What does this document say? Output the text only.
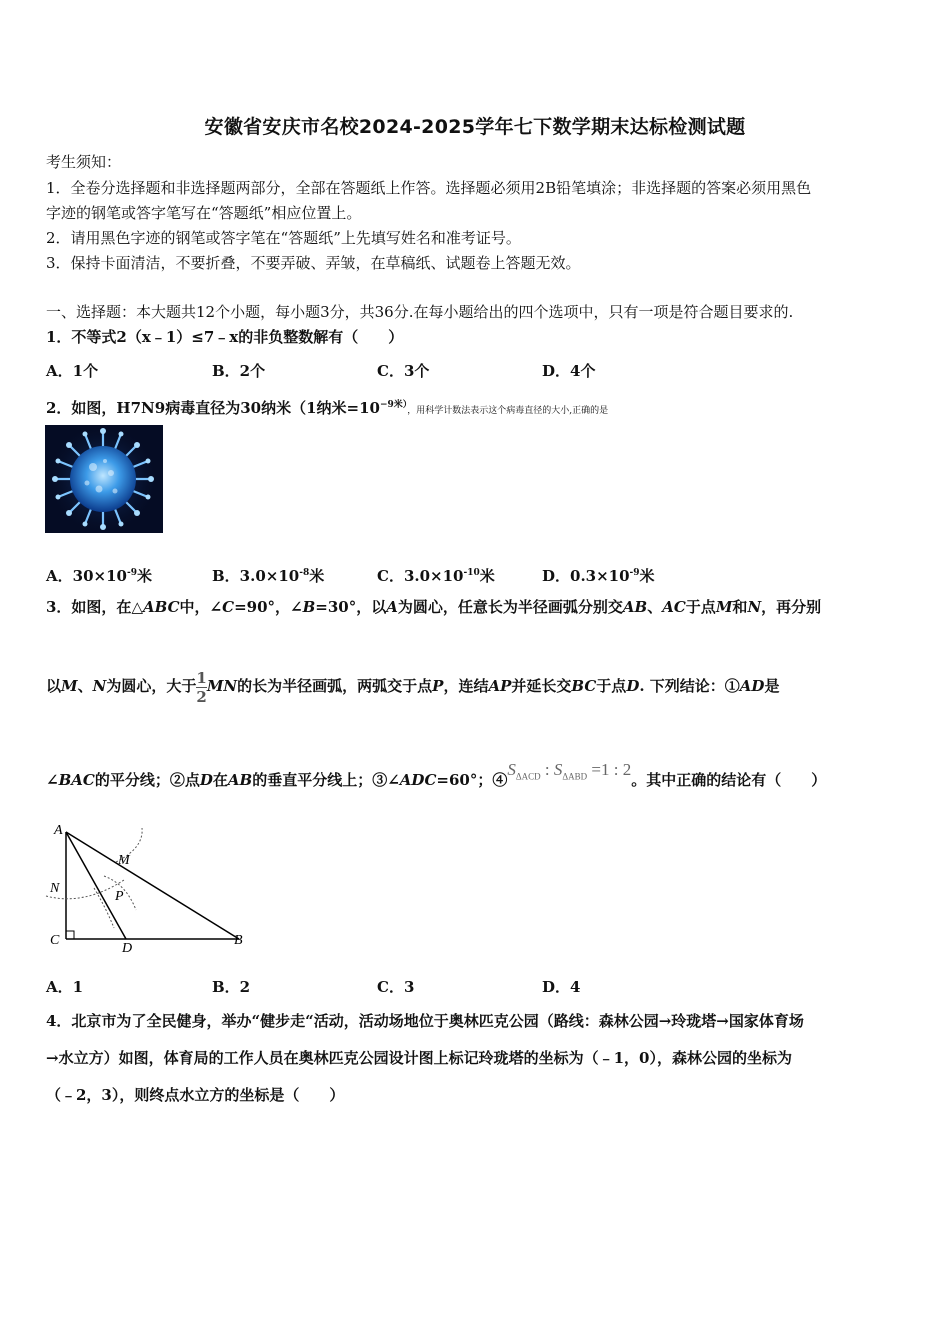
安徽省安庆市名校2024-2025学年七下数学期末达标检测试题
考生须知：
1．全卷分选择题和非选择题两部分，全部在答题纸上作答。选择题必须用2B铅笔填涂；非选择题的答案必须用黑色
字迹的钢笔或答字笔写在“答题纸”相应位置上。
2．请用黑色字迹的钢笔或答字笔在“答题纸”上先填写姓名和准考证号。
3．保持卡面清洁，不要折叠，不要弄破、弄皱，在草稿纸、试题卷上答题无效。
一、选择题：本大题共12个小题，每小题3分，共36分.在每小题给出的四个选项中，只有一项是符合题目要求的.
1．不等式2（x﹣1）≤7﹣x的非负整数解有（　　）
A．1个	B．2个	C．3个	D．4个
2．如图，H7N9病毒直径为30纳米（1纳米$=10^{-9米)}$，用科学计数法表示这个病毒直径的大小,正确的是
A．$30\times 10^{-9}$米	B．$3.0\times 10^{-8}$米	C．$3.0\times 10^{-10}$米	D．$0.3\times 10^{-9}$米
3．如图，在△ABC中，∠C=90°，∠B=30°，以A为圆心，任意长为半径画弧分别交AB、AC于点M和N，再分别
以M、N为圆心，大于 $\frac{1}{2}$ MN的长为半径画弧，两弧交于点P，连结AP并延长交BC于点D. 下列结论：①AD是
∠BAC的平分线；②点D在AB的垂直平分线上；③∠ADC=60°；$④S_{\Delta ACD}$ : $S_{\Delta ABD} =1$ : 2。其中正确的结论有（　　）
A
M
N
P
C
D
B
A．1	B．2	C．3	D．4
4．北京市为了全民健身，举办“健步走“活动，活动场地位于奥林匹克公园（路线：森林公园→玲珑塔→国家体育场
→水立方）如图，体育局的工作人员在奥林匹克公园设计图上标记玲珑塔的坐标为（﹣1，0），森林公园的坐标为
（﹣2，3），则终点水立方的坐标是（　　）
